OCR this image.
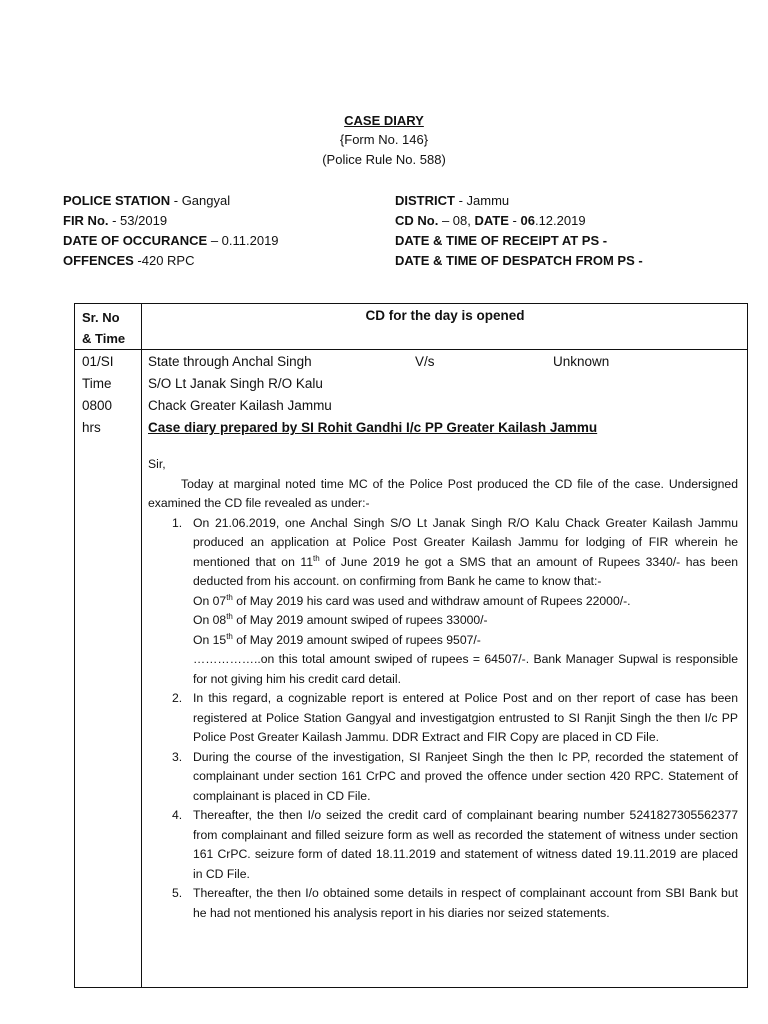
CASE DIARY
{Form No. 146}
(Police Rule No. 588)
POLICE STATION - Gangyal
FIR No. - 53/2019
DATE OF OCCURANCE – 0.11.2019
OFFENCES -420 RPC
DISTRICT - Jammu
CD No. – 08, DATE - 06.12.2019
DATE & TIME OF RECEIPT AT PS -
DATE & TIME OF DESPATCH FROM PS -
Sr. No
& Time
CD for the day is opened
01/SI
Time
0800
hrs
State through Anchal Singh	V/s	Unknown
S/O Lt Janak Singh R/O Kalu
Chack Greater Kailash Jammu
Case diary prepared by SI Rohit Gandhi I/c PP Greater Kailash Jammu

Sir,

Today at marginal noted time MC of the Police Post produced the CD file of the case. Undersigned examined the CD file revealed as under:-

1. On 21.06.2019, one Anchal Singh S/O Lt Janak Singh R/O Kalu Chack Greater Kailash Jammu produced an application at Police Post Greater Kailash Jammu for lodging of FIR wherein he mentioned that on 11th of June 2019 he got a SMS that an amount of Rupees 3340/- has been deducted from his account. on confirming from Bank he came to know that:-
On 07th of May 2019 his card was used and withdraw amount of Rupees 22000/-.
On 08th of May 2019 amount swiped of rupees 33000/-
On 15th of May 2019 amount swiped of rupees 9507/-
……………..on this total amount swiped of rupees = 64507/-. Bank Manager Supwal is responsible for not giving him his credit card detail.
2. In this regard, a cognizable report is entered at Police Post and on ther report of case has been registered at Police Station Gangyal and investigatgion entrusted to SI Ranjit Singh the then I/c PP Police Post Greater Kailash Jammu. DDR Extract and FIR Copy are placed in CD File.
3. During the course of the investigation, SI Ranjeet Singh the then Ic PP, recorded the statement of complainant under section 161 CrPC and proved the offence under section 420 RPC. Statement of complainant is placed in CD File.
4. Thereafter, the then I/o seized the credit card of complainant bearing number 5241827305562377 from complainant and filled seizure form as well as recorded the statement of witness under section 161 CrPC. seizure form of dated 18.11.2019 and statement of witness dated 19.11.2019 are placed in CD File.
5. Thereafter, the then I/o obtained some details in respect of complainant account from SBI Bank but he had not mentioned his analysis report in his diaries nor seized statements.
